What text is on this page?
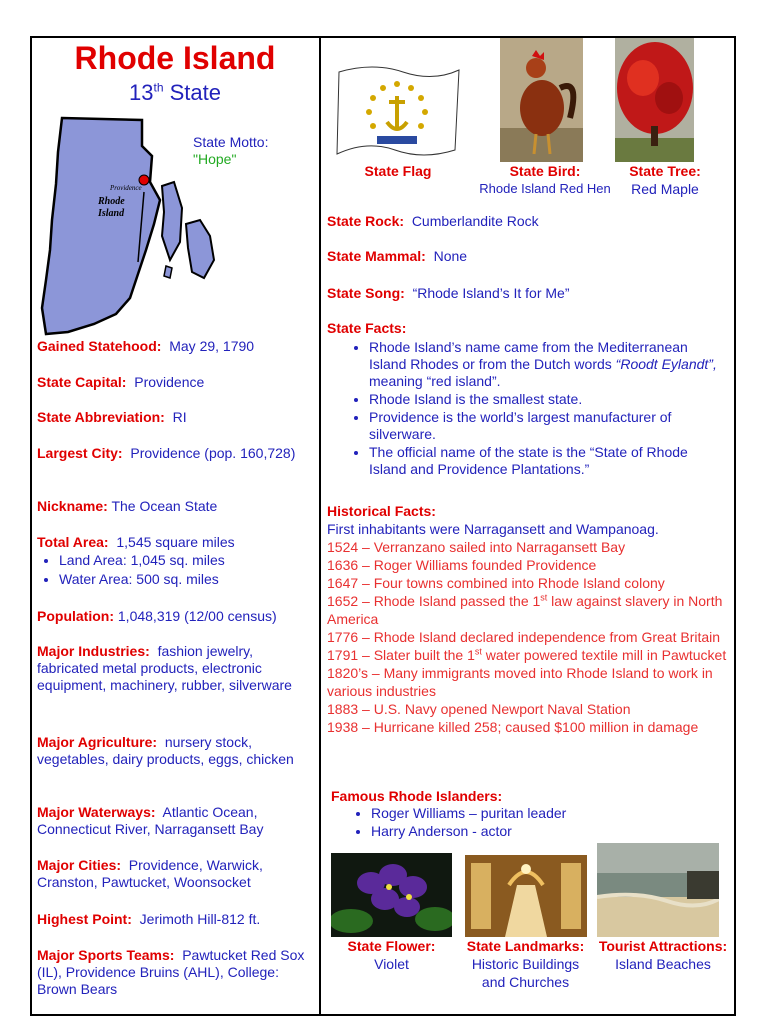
Rhode Island
13th State
Providence
Rhode
Island
State Motto:
"Hope"
Gained Statehood: May 29, 1790
State Capital: Providence
State Abbreviation: RI
Largest City: Providence (pop. 160,728)
Nickname: The Ocean State
Total Area: 1,545 square miles
• Land Area: 1,045 sq. miles
• Water Area: 500 sq. miles
Population: 1,048,319 (12/00 census)
Major Industries: fashion jewelry, fabricated metal products, electronic equipment, machinery, rubber, silverware
Major Agriculture: nursery stock, vegetables, dairy products, eggs, chicken
Major Waterways: Atlantic Ocean, Connecticut River, Narragansett Bay
Major Cities: Providence, Warwick, Cranston, Pawtucket, Woonsocket
Highest Point: Jerimoth Hill-812 ft.
Major Sports Teams: Pawtucket Red Sox (IL), Providence Bruins (AHL), College: Brown Bears
State Flag	State Bird:
Rhode Island Red Hen
State Tree:
Red Maple
State Rock: Cumberlandite Rock
State Mammal: None
State Song: “Rhode Island’s It for Me”
State Facts:
• Rhode Island’s name came from the Mediterranean Island Rhodes or from the Dutch words “Roodt Eylandt”, meaning “red island”.
• Rhode Island is the smallest state.
• Providence is the world’s largest manufacturer of silverware.
• The official name of the state is the “State of Rhode Island and Providence Plantations.”
Historical Facts:
First inhabitants were Narragansett and Wampanoag.
1524 – Verranzano sailed into Narragansett Bay
1636 – Roger Williams founded Providence
1647 – Four towns combined into Rhode Island colony
1652 – Rhode Island passed the 1st law against slavery in North America
1776 – Rhode Island declared independence from Great Britain
1791 – Slater built the 1st water powered textile mill in Pawtucket
1820’s – Many immigrants moved into Rhode Island to work in various industries
1883 – U.S. Navy opened Newport Naval Station
1938 – Hurricane killed 258; caused $100 million in damage
Famous Rhode Islanders:
• Roger Williams – puritan leader
• Harry Anderson - actor
State Flower:
Violet
State Landmarks:
Historic Buildings
and Churches
Tourist Attractions:
Island Beaches
